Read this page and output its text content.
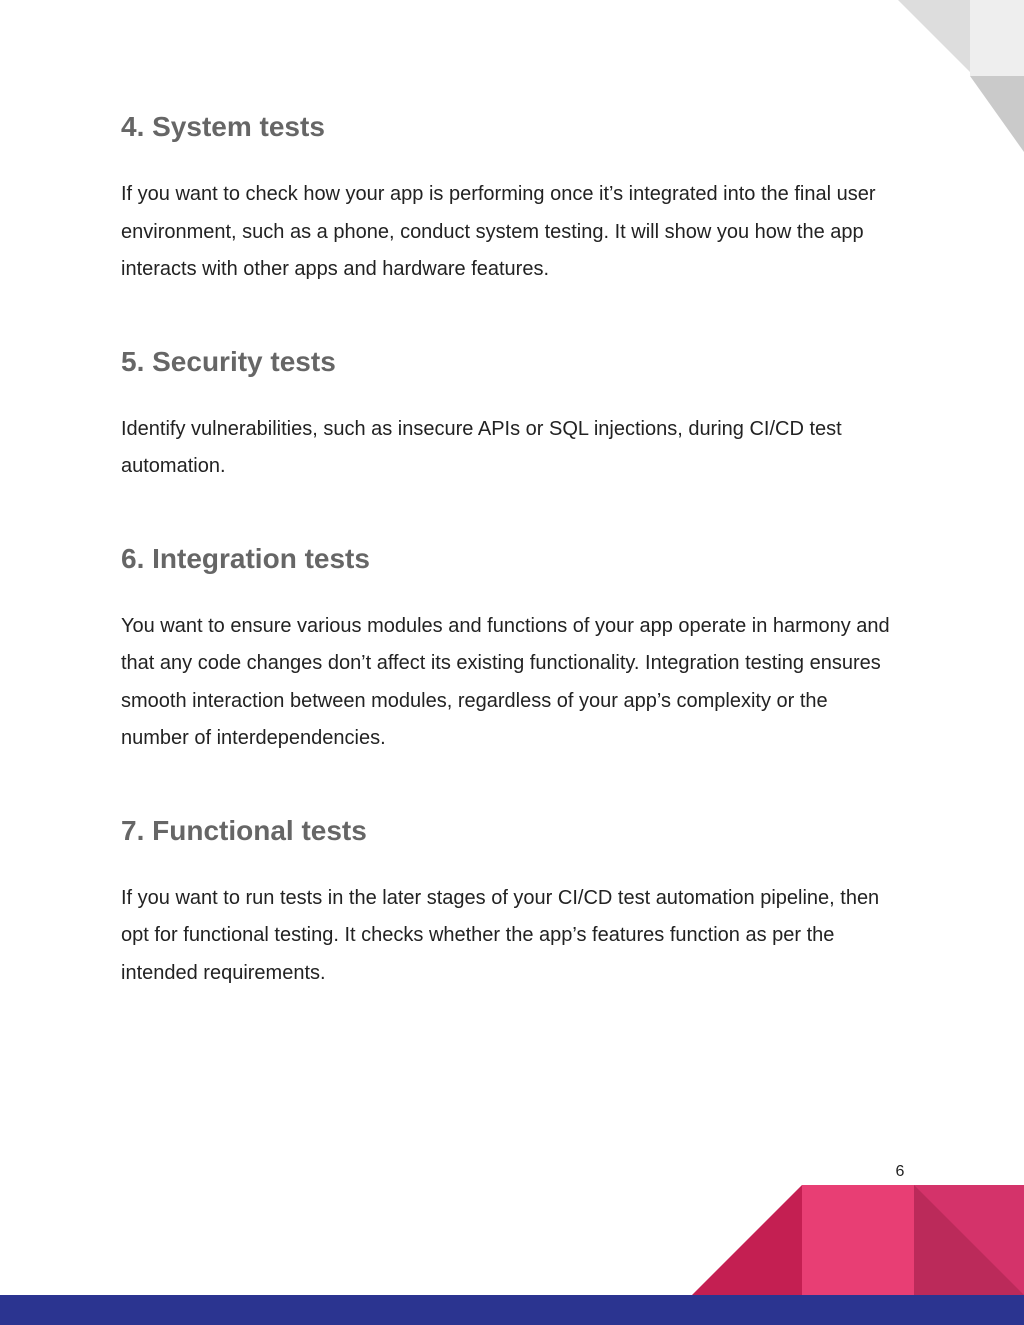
4. System tests

If you want to check how your app is performing once it’s integrated into the final user environment, such as a phone, conduct system testing. It will show you how the app interacts with other apps and hardware features.

5. Security tests

Identify vulnerabilities, such as insecure APIs or SQL injections, during CI/CD test automation.

6. Integration tests

You want to ensure various modules and functions of your app operate in harmony and that any code changes don’t affect its existing functionality. Integration testing ensures smooth interaction between modules, regardless of your app’s complexity or the number of interdependencies.

7. Functional tests

If you want to run tests in the later stages of your CI/CD test automation pipeline, then opt for functional testing. It checks whether the app’s features function as per the intended requirements.

6
